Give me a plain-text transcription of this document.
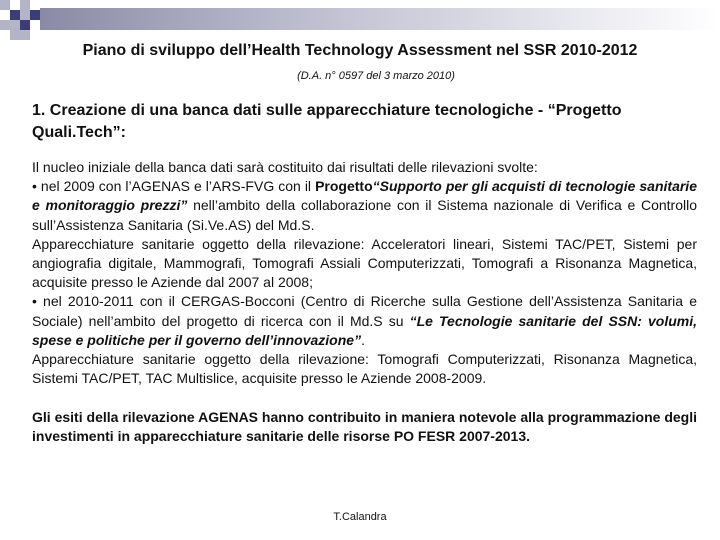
Piano di sviluppo dell’Health Technology Assessment nel SSR 2010-2012
(D.A. n° 0597 del 3 marzo 2010)
1. Creazione di una banca dati sulle apparecchiature tecnologiche - “Progetto Quali.Tech”:

Il nucleo iniziale della banca dati sarà costituito dai risultati delle rilevazioni svolte:

• nel 2009 con l’AGENAS e l’ARS-FVG con il Progetto“Supporto per gli acquisti di tecnologie sanitarie e monitoraggio prezzi” nell’ambito della collaborazione con il Sistema nazionale di Verifica e Controllo sull’Assistenza Sanitaria (Si.Ve.AS) del Md.S.

Apparecchiature sanitarie oggetto della rilevazione: Acceleratori lineari, Sistemi TAC/PET, Sistemi per angiografia digitale, Mammografi, Tomografi Assiali Computerizzati, Tomografi a Risonanza Magnetica, acquisite presso le Aziende dal 2007 al 2008;

• nel 2010-2011 con il CERGAS-Bocconi (Centro di Ricerche sulla Gestione dell’Assistenza Sanitaria e Sociale) nell’ambito del progetto di ricerca con il Md.S su “Le Tecnologie sanitarie del SSN: volumi, spese e politiche per il governo dell’innovazione”.

Apparecchiature sanitarie oggetto della rilevazione: Tomografi Computerizzati, Risonanza Magnetica, Sistemi TAC/PET, TAC Multislice, acquisite presso le Aziende 2008-2009.

Gli esiti della rilevazione AGENAS hanno contribuito in maniera notevole alla programmazione degli investimenti in apparecchiature sanitarie delle risorse PO FESR 2007-2013.
T.Calandra
